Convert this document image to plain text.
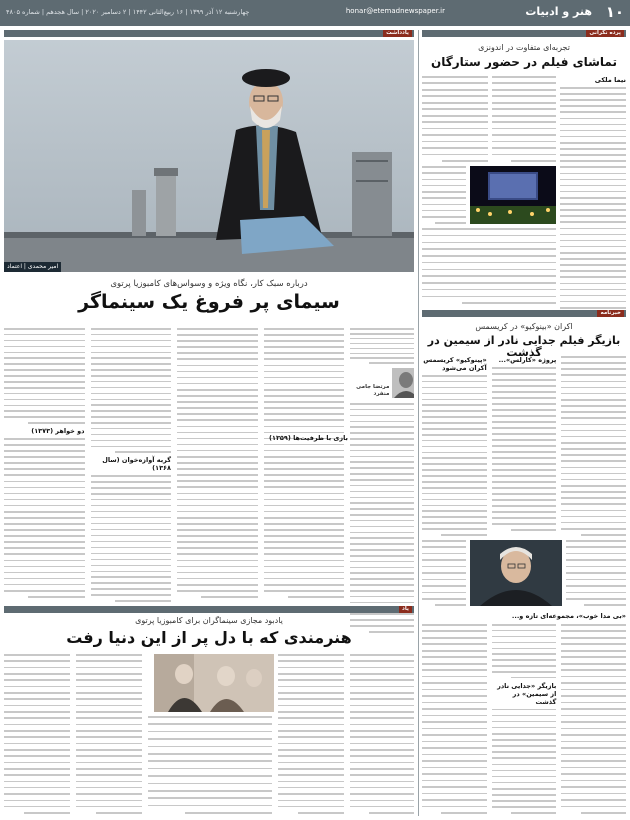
۱۰
هنر و ادبیات
honar@etemadnewspaper.ir
چهارشنبه ۱۲ آذر ۱۳۹۹ | ۱۶ ربیع‌الثانی ۱۴۴۲ | ۲ دسامبر ۲۰۲۰ | سال هجدهم | شماره ۴۸۰۵
یادداشت
امیر محمدی | اعتماد
درباره سبک کار، نگاه ویژه و وسواس‌های کامبوزیا پرتوی
سیمای پر فروغ یک سینماگر
مرتضا جامی منفرد
دو خواهر (۱۳۷۳)
گربه آوازه‌خوان (سال ۱۳۶۸)
بازی با ظرفیت‌ها (۱۳۵۹)
یاد
یادبود مجازی سینماگران برای کامبوزیا پرتوی
هنرمندی که با دل پر از این دنیا رفت
پرده نگرانی
تجربه‌ای متفاوت در اندونزی
تماشای فیلم در حضور ستارگان
نیما ملکی
خبرنامه
اکران «بینوکیو» در کریسمس
بازیگر فیلم جدایی نادر از سیمین در گذشت
«پینوکیو» کریسمس آکران می‌شود
پروژه «کارلس»...
«بی مدا خوب»، مجموعه‌ای تازه و...
بازیگر «جدایی نادر از سیمین» در گذشت
